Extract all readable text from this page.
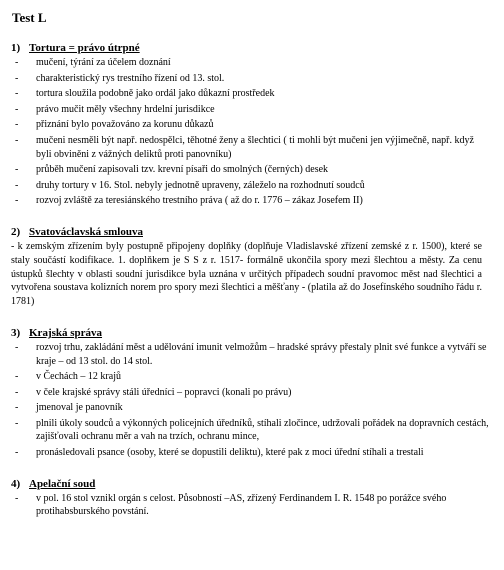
Test L
1) Tortura = právo útrpné
- mučení, týrání za účelem doznání
- charakteristický rys trestního řízení od 13. stol.
- tortura sloužila podobně jako ordál jako důkazní prostředek
- právo mučit měly všechny hrdelní jurisdikce
- přiznání bylo považováno za korunu důkazů
- mučeni nesměli být např. nedospělci, těhotné ženy a šlechtici ( ti mohli být mučeni jen výjimečně, např. když byli obviněni z vážných deliktů proti panovníku)
- průběh mučení zapisovali tzv. krevní písaři do smolných (černých) desek
- druhy tortury v 16. Stol. nebyly jednotně upraveny, záleželo na rozhodnutí soudců
- rozvoj zvláště za teresiánského trestního práva ( až do r. 1776 – zákaz Josefem II)
2) Svatováclavská smlouva
- k zemským zřízením byly postupně připojeny doplňky (doplňuje Vladislavské zřízení zemské z r. 1500), které se staly součástí kodifikace. 1. doplňkem je S S z r. 1517- formálně ukončila spory mezi šlechtou a městy. Za cenu ústupků šlechty v oblasti soudní jurisdikce byla uznána v určitých případech soudní pravomoc měst nad šlechtici a vytvořena soustava kolizních norem pro spory mezi šlechtici a měšťany - (platila až do Josefínského soudního řádu r. 1781)
3) Krajská správa
- rozvoj trhu, zakládání měst a udělování imunit velmožům – hradské správy přestaly plnit své funkce a vytváří se kraje – od 13 stol. do 14 stol.
- v Čechách – 12 krajů
- v čele krajské správy stáli úředníci – popravci (konali po právu)
- jmenoval je panovník
- plnili úkoly soudců a výkonných policejních úředníků, stíhali zločince, udržovali pořádek na dopravních cestách, zajišťovali ochranu měr a vah na trzích, ochranu mince,
- pronásledovali psance (osoby, které se dopustili deliktu), které pak z moci úřední stíhali a trestali
4) Apelační soud
- v pol. 16 stol vznikl orgán s celost. Působností –AS, zřízený Ferdinandem I. R. 1548 po porážce svého protihabsburského povstání.
